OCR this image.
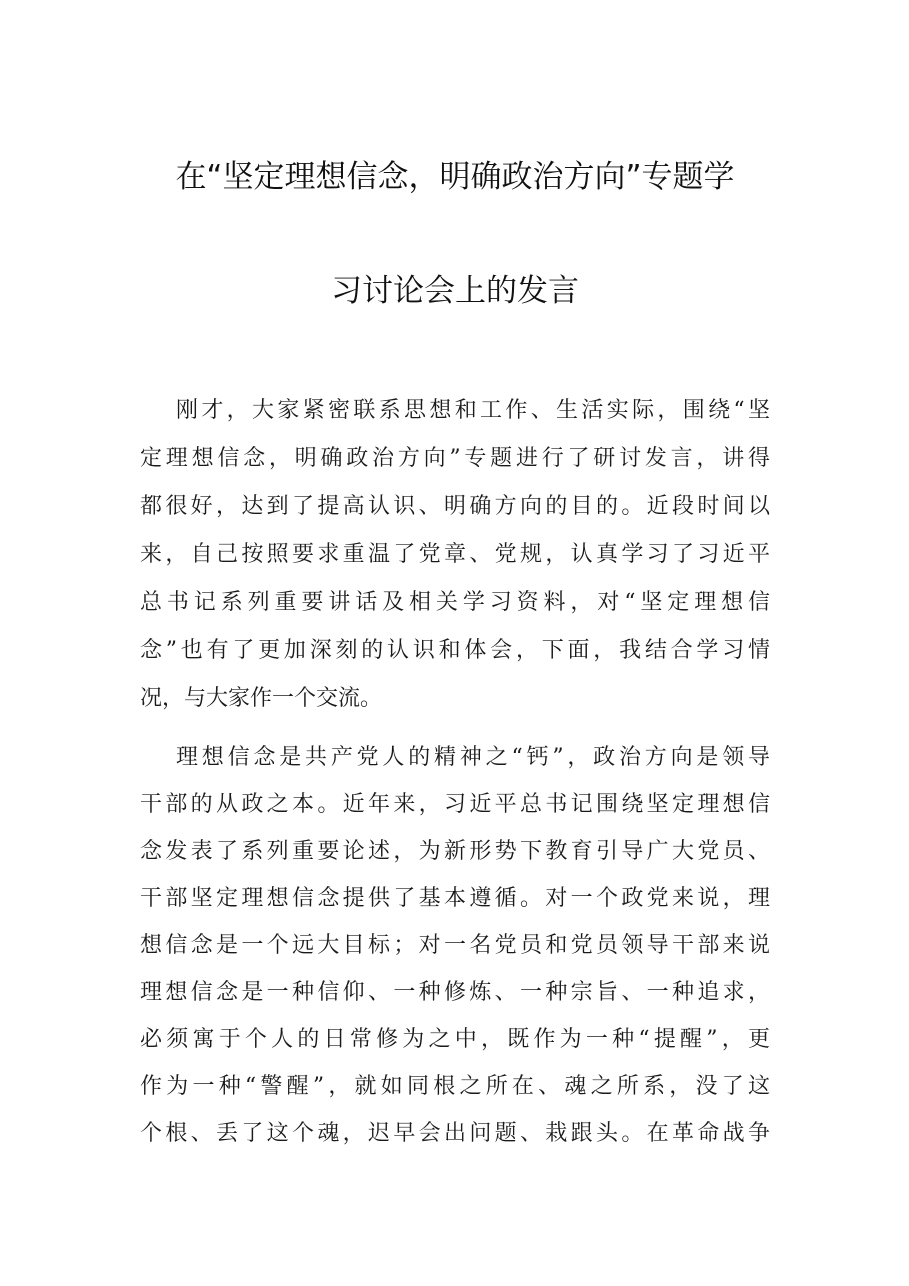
在“坚定理想信念，明确政治方向”专题学
习讨论会上的发言
刚才，大家紧密联系思想和工作、生活实际，围绕“坚
定理想信念，明确政治方向”专题进行了研讨发言，讲得
都很好，达到了提高认识、明确方向的目的。近段时间以
来，自己按照要求重温了党章、党规，认真学习了习近平
总书记系列重要讲话及相关学习资料，对“坚定理想信
念”也有了更加深刻的认识和体会，下面，我结合学习情
况，与大家作一个交流。
理想信念是共产党人的精神之“钙”，政治方向是领导
干部的从政之本。近年来，习近平总书记围绕坚定理想信
念发表了系列重要论述，为新形势下教育引导广大党员、
干部坚定理想信念提供了基本遵循。对一个政党来说，理
想信念是一个远大目标；对一名党员和党员领导干部来说
理想信念是一种信仰、一种修炼、一种宗旨、一种追求，
必须寓于个人的日常修为之中，既作为一种“提醒”，更
作为一种“警醒”，就如同根之所在、魂之所系，没了这
个根、丢了这个魂，迟早会出问题、栽跟头。在革命战争
